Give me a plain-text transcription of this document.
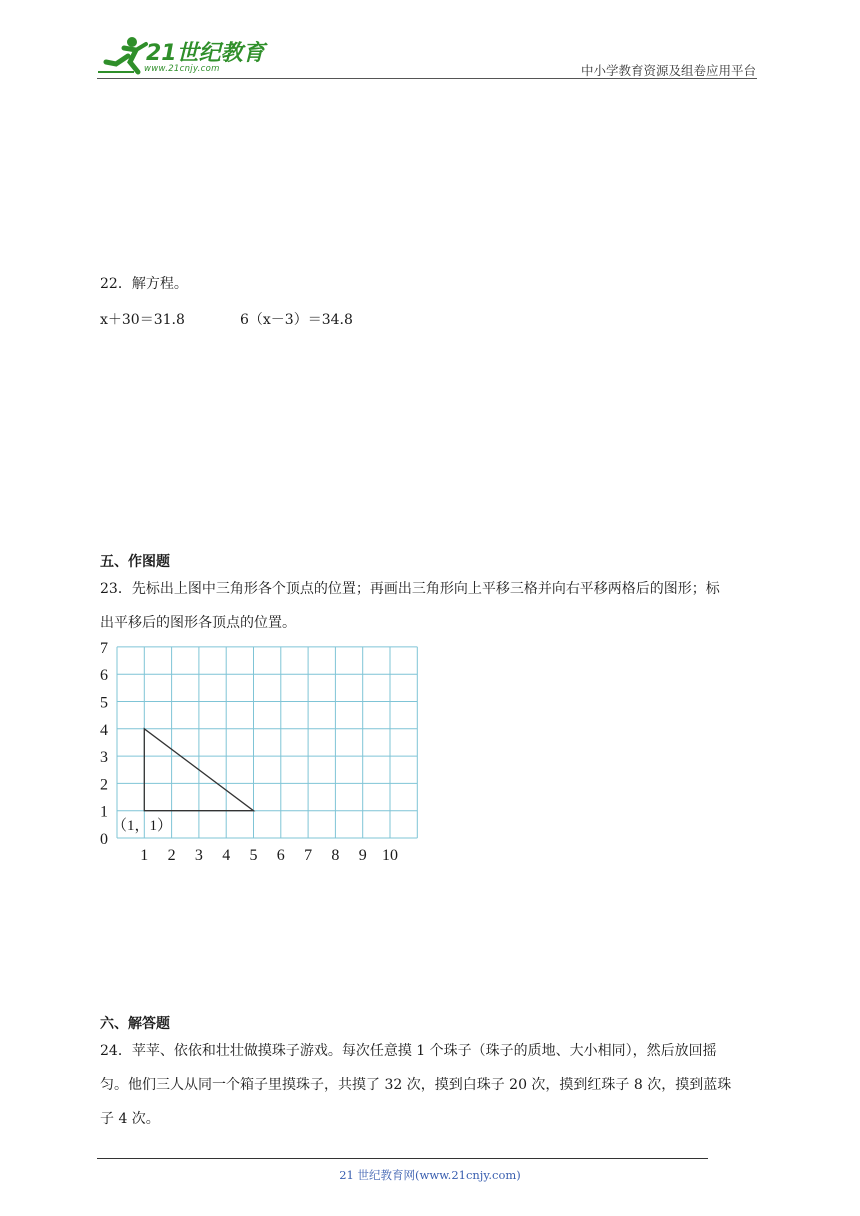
21世纪教育
www.21cnjy.com	中小学教育资源及组卷应用平台
22．解方程。
x＋30＝31.8	6（x－3）＝34.8
五、作图题
23．先标出上图中三角形各个顶点的位置；再画出三角形向上平移三格并向右平移两格后的图形；标
出平移后的图形各顶点的位置。
0
1
2
3
4
5
6
7
1 2 3 4 5 6 7 8 9 10
（1，1）
六、解答题
24．苹苹、依依和壮壮做摸珠子游戏。每次任意摸 1 个珠子（珠子的质地、大小相同），然后放回摇
匀。他们三人从同一个箱子里摸珠子，共摸了 32 次，摸到白珠子 20 次，摸到红珠子 8 次，摸到蓝珠
子 4 次。
21 世纪教育网(www.21cnjy.com)
